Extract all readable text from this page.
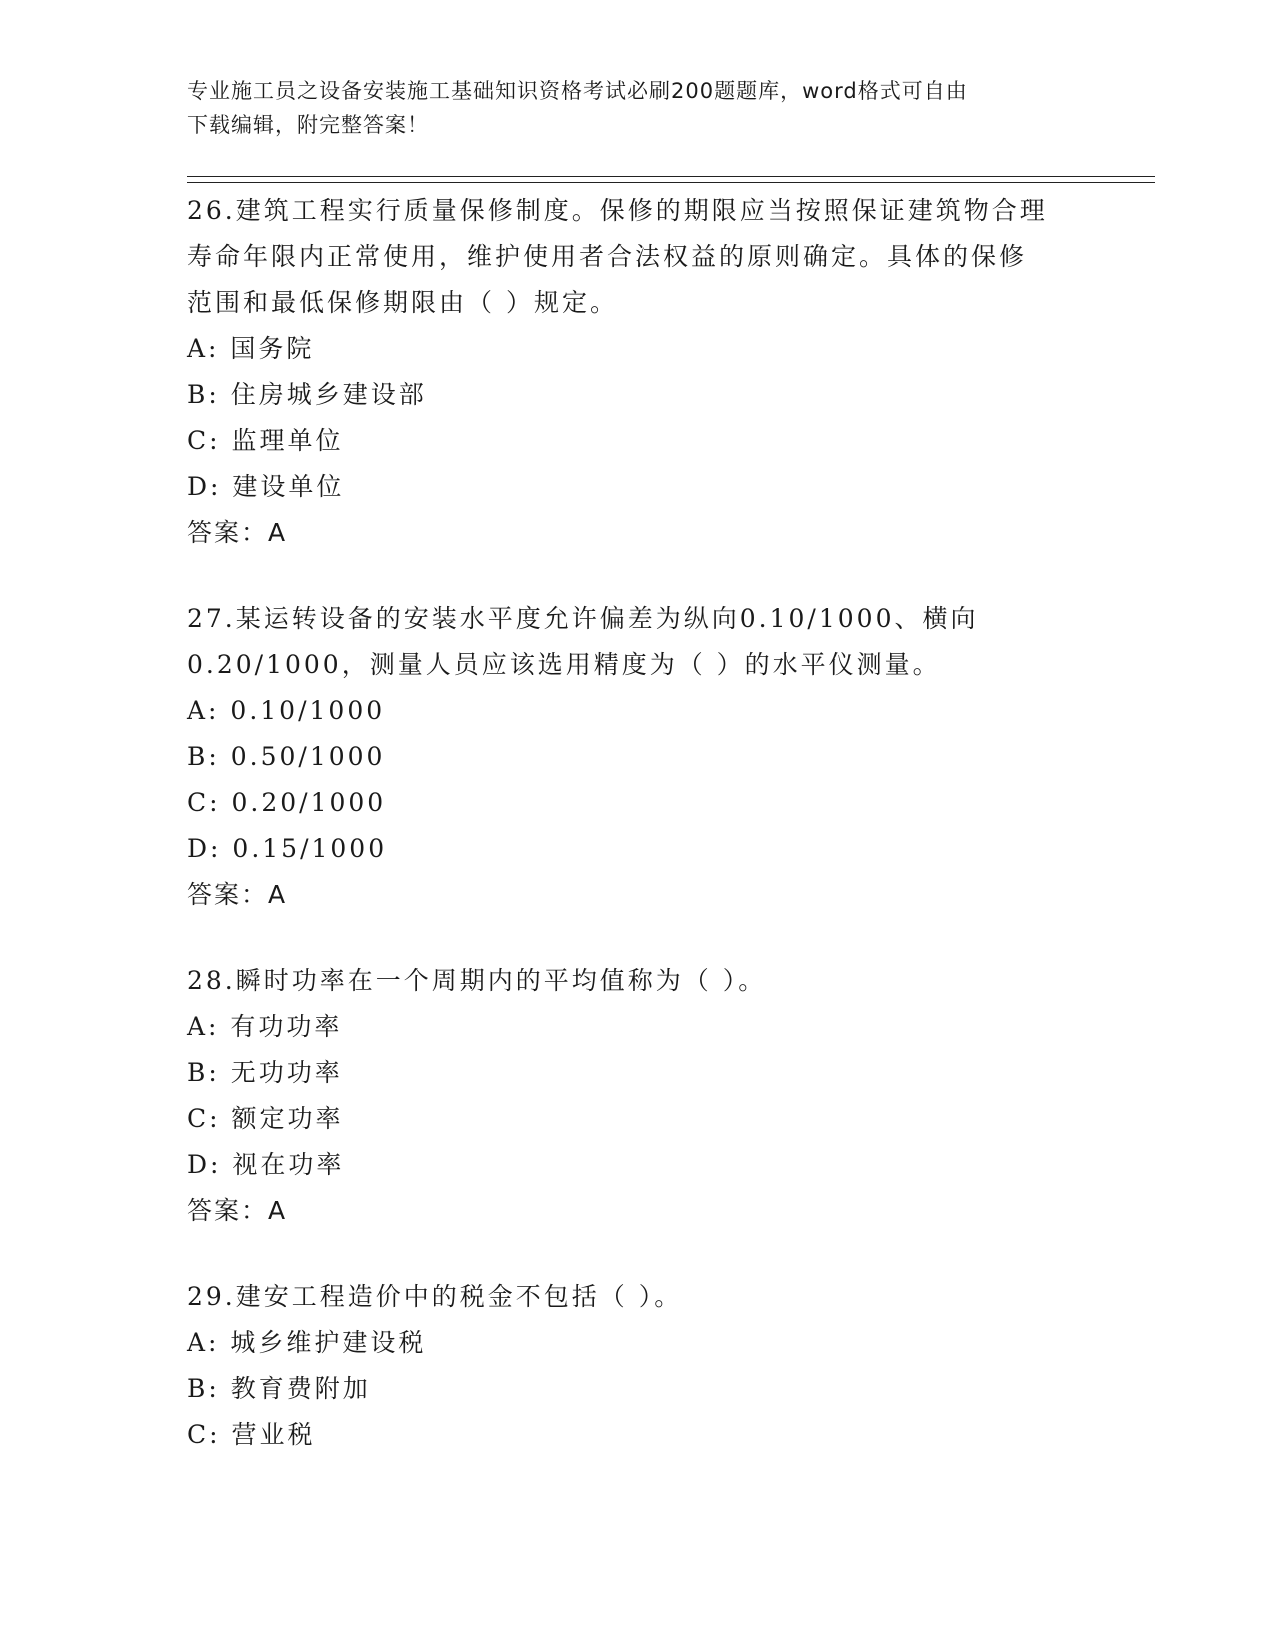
专业施工员之设备安装施工基础知识资格考试必刷200题题库，word格式可自由
下载编辑，附完整答案！
26.建筑工程实行质量保修制度。保修的期限应当按照保证建筑物合理
寿命年限内正常使用，维护使用者合法权益的原则确定。具体的保修
范围和最低保修期限由（ ）规定。
A: 国务院
B: 住房城乡建设部
C: 监理单位
D: 建设单位
答案：A
27.某运转设备的安装水平度允许偏差为纵向0.10/1000、横向
0.20/1000，测量人员应该选用精度为（ ）的水平仪测量。
A: 0.10/1000
B: 0.50/1000
C: 0.20/1000
D: 0.15/1000
答案：A
28.瞬时功率在一个周期内的平均值称为（ ）。
A: 有功功率
B: 无功功率
C: 额定功率
D: 视在功率
答案：A
29.建安工程造价中的税金不包括（ ）。
A: 城乡维护建设税
B: 教育费附加
C: 营业税
